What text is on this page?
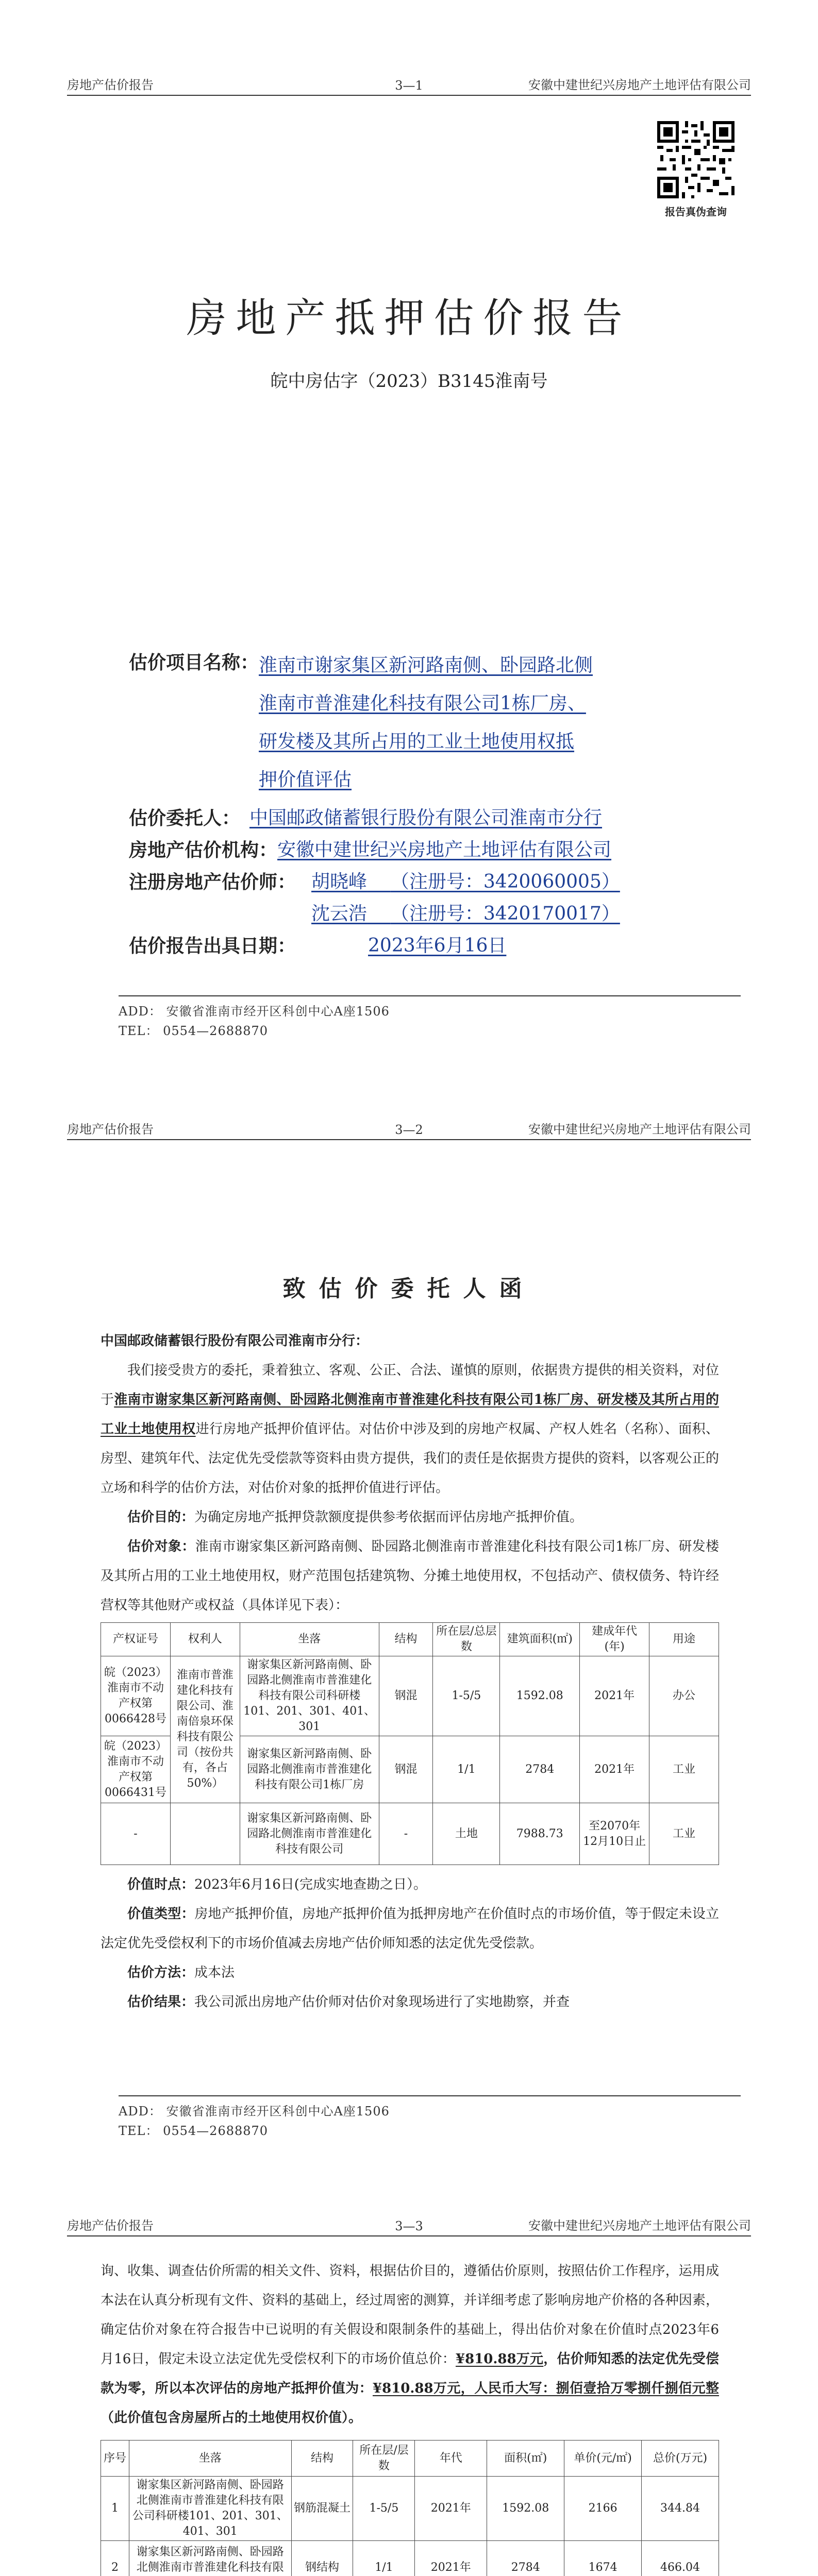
房地产估价报告	3—1	安徽中建世纪兴房地产土地评估有限公司
报告真伪查询
房地产抵押估价报告
皖中房估字（2023）B3145淮南号
估价项目名称： 淮南市谢家集区新河路南侧、卧园路北侧
淮南市普淮建化科技有限公司1栋厂房、
研发楼及其所占用的工业土地使用权抵
押价值评估
估价委托人： 中国邮政储蓄银行股份有限公司淮南市分行
房地产估价机构： 安徽中建世纪兴房地产土地评估有限公司
注册房地产估价师： 胡晓峰 （注册号：3420060005）
沈云浩 （注册号：3420170017）
估价报告出具日期：	2023年6月16日
ADD： 安徽省淮南市经开区科创中心A座1506
TEL： 0554—2688870
房地产估价报告	3—2	安徽中建世纪兴房地产土地评估有限公司
致估价委托人函

中国邮政储蓄银行股份有限公司淮南市分行：

我们接受贵方的委托，秉着独立、客观、公正、合法、谨慎的原则，依据贵方提供的相关资料，对位于淮南市谢家集区新河路南侧、卧园路北侧淮南市普淮建化科技有限公司1栋厂房、研发楼及其所占用的工业土地使用权进行房地产抵押价值评估。对估价中涉及到的房地产权属、产权人姓名（名称）、面积、房型、建筑年代、法定优先受偿款等资料由贵方提供，我们的责任是依据贵方提供的资料，以客观公正的立场和科学的估价方法，对估价对象的抵押价值进行评估。

估价目的：为确定房地产抵押贷款额度提供参考依据而评估房地产抵押价值。

估价对象：淮南市谢家集区新河路南侧、卧园路北侧淮南市普淮建化科技有限公司1栋厂房、研发楼及其所占用的工业土地使用权，财产范围包括建筑物、分摊土地使用权，不包括动产、债权债务、特许经营权等其他财产或权益（具体详见下表）：

产权证号	权利人	坐落	结构	所在层/总层数	建筑面积(㎡)	建成年代(年)	用途
皖（2023）淮南市不动产权第0066428号	淮南市普淮建化科技有限公司、淮南倍泉环保科技有限公司（按份共有，各占50%）	谢家集区新河路南侧、卧园路北侧淮南市普淮建化科技有限公司科研楼101、201、301、401、301	钢混	1-5/5	1592.08	2021年	办公
皖（2023）淮南市不动产权第0066431号		谢家集区新河路南侧、卧园路北侧淮南市普淮建化科技有限公司1栋厂房	钢混	1/1	2784	2021年	工业
-		谢家集区新河路南侧、卧园路北侧淮南市普淮建化科技有限公司	-	土地	7988.73	至2070年12月10日止	工业

价值时点：2023年6月16日(完成实地查勘之日）。

价值类型：房地产抵押价值，房地产抵押价值为抵押房地产在价值时点的市场价值，等于假定未设立法定优先受偿权利下的市场价值减去房地产估价师知悉的法定优先受偿款。

估价方法：成本法

估价结果：我公司派出房地产估价师对估价对象现场进行了实地勘察，并查

ADD： 安徽省淮南市经开区科创中心A座1506
TEL： 0554—2688870
房地产估价报告	3—3	安徽中建世纪兴房地产土地评估有限公司

询、收集、调查估价所需的相关文件、资料，根据估价目的，遵循估价原则，按照估价工作程序，运用成本法在认真分析现有文件、资料的基础上，经过周密的测算，并详细考虑了影响房地产价格的各种因素，确定估价对象在符合报告中已说明的有关假设和限制条件的基础上，得出估价对象在价值时点2023年6月16日，假定未设立法定优先受偿权利下的市场价值总价：¥810.88万元，估价师知悉的法定优先受偿款为零，所以本次评估的房地产抵押价值为：¥810.88万元，人民币大写：捌佰壹拾万零捌仟捌佰元整（此价值包含房屋所占的土地使用权价值）。

序号	坐落	结构	所在层/层数	年代	面积(㎡)	单价(元/㎡)	总价(万元)
1	谢家集区新河路南侧、卧园路北侧淮南市普淮建化科技有限公司科研楼101、201、301、401、301	钢筋混凝土	1-5/5	2021年	1592.08	2166	344.84
2	谢家集区新河路南侧、卧园路北侧淮南市普淮建化科技有限	钢结构	1/1	2021年	2784	1674	466.04
